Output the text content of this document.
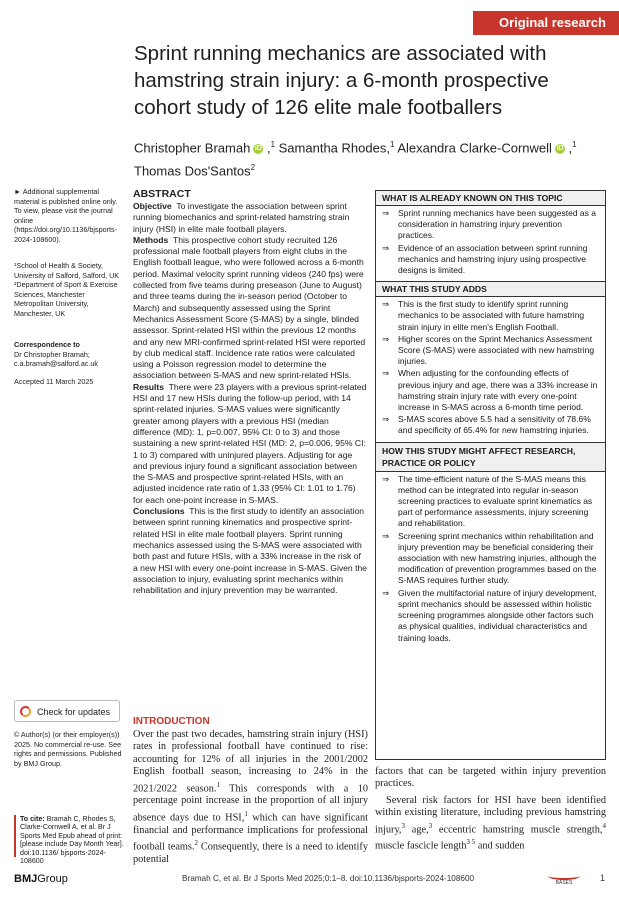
Original research
Sprint running mechanics are associated with hamstring strain injury: a 6-month prospective cohort study of 126 elite male footballers
Christopher Bramah iD ,$^1$ Samantha Rhodes,$^1$ Alexandra Clarke-Cornwell iD ,$^1$
Thomas Dos'Santos$^2$

► Additional supplemental material is published online only. To view, please visit the journal online (https://doi.org/10.1136/bjsports-2024-108600).

¹School of Health & Society, University of Salford, Salford, UK

²Department of Sport & Exercise Sciences, Manchester Metropolitan University, Manchester, UK

Correspondence to

Dr Christopher Bramah;

c.a.bramah@salford.ac.uk

Accepted 11 March 2025

Check for updates

© Author(s) (or their employer(s)) 2025. No commercial re-use. See rights and permissions. Published by BMJ Group.

To cite: Bramah C, Rhodes S, Clarke-Cornwell A, et al. Br J Sports Med Epub ahead of print: [please include Day Month Year]. doi:10.1136/ bjsports-2024-108600
ABSTRACT

Objective To investigate the association between sprint running biomechanics and sprint-related hamstring strain injury (HSI) in elite male football players.

Methods This prospective cohort study recruited 126 professional male football players from eight clubs in the English football league, who were followed across a 6-month period. Maximal velocity sprint running videos (240 fps) were collected from five teams during preseason (June to August) and three teams during the in-season period (October to March) and subsequently assessed using the Sprint Mechanics Assessment Score (S-MAS) by a single, blinded assessor. Sprint-related HSI within the previous 12 months and any new MRI-confirmed sprint-related HSI were reported by club medical staff. Incidence rate ratios were calculated using a Poisson regression model to determine the association between S-MAS and new sprint-related HSIs.

Results There were 23 players with a previous sprint-related HSI and 17 new HSIs during the follow-up period, with 14 sprint-related injuries. S-MAS values were significantly greater among players with a previous HSI (median difference (MD): 1, p=0.007, 95% CI: 0 to 3) and those sustaining a new sprint-related HSI (MD: 2, p=0.006, 95% CI: 1 to 3) compared with uninjured players. Adjusting for age and previous injury found a significant association between the S-MAS and prospective sprint-related HSIs, with an adjusted incidence rate ratio of 1.33 (95% CI: 1.01 to 1.76) for each one-point increase in S-MAS.

Conclusions This is the first study to identify an association between sprint running kinematics and prospective sprint-related HSI in elite male football players. Sprint running mechanics assessed using the S-MAS were associated with both past and future HSIs, with a 33% increase in the risk of a new HSI with every one-point increase in S-MAS. Given the association to injury, evaluating sprint mechanics within rehabilitation and injury prevention may be warranted.

WHAT IS ALREADY KNOWN ON THIS TOPIC
⇒ Sprint running mechanics have been suggested as a consideration in hamstring injury prevention practices.
⇒ Evidence of an association between sprint running mechanics and hamstring injury using prospective designs is limited.
WHAT THIS STUDY ADDS
⇒ This is the first study to identify sprint running mechanics to be associated with future hamstring strain injury in elite men's English Football.
⇒ Higher scores on the Sprint Mechanics Assessment Score (S-MAS) were associated with new hamstring injuries.
⇒ When adjusting for the confounding effects of previous injury and age, there was a 33% increase in hamstring strain injury rate with every one-point increase in S-MAS across a 6-month time period.
⇒ S-MAS scores above 5.5 had a sensitivity of 78.6% and specificity of 65.4% for new hamstring injuries.
HOW THIS STUDY MIGHT AFFECT RESEARCH, PRACTICE OR POLICY
⇒ The time-efficient nature of the S-MAS means this method can be integrated into regular in-season screening practices to evaluate sprint kinematics as part of performance assessments, injury screening and rehabilitation.
⇒ Screening sprint mechanics within rehabilitation and injury prevention may be beneficial considering their association with new hamstring injuries, although the modification of prevention programmes based on the S-MAS requires further study.
⇒ Given the multifactorial nature of injury development, sprint mechanics should be assessed within holistic screening programmes alongside other factors such as physical qualities, individual characteristics and training loads.
INTRODUCTION

Over the past two decades, hamstring strain injury (HSI) rates in professional football have continued to rise: accounting for 12% of all injuries in the 2001/2002 English football season, increasing to 24% in the 2021/2022 season.$^1$ This corresponds with a 10 percentage point increase in the proportion of all injury absence days due to HSI,$^1$ which can have significant financial and performance implications for professional football teams.$^2$ Consequently, there is a need to identify potential

factors that can be targeted within injury prevention practices.

Several risk factors for HSI have been identified within existing literature, including previous hamstring injury,$^3$ age,$^3$ eccentric hamstring muscle strength,$^4$ muscle fascicle length$^{3 5}$ and sudden

BMJGroup	Bramah C, et al. Br J Sports Med 2025;0:1–8. doi:10.1136/bjsports-2024-108600	BASES	1
